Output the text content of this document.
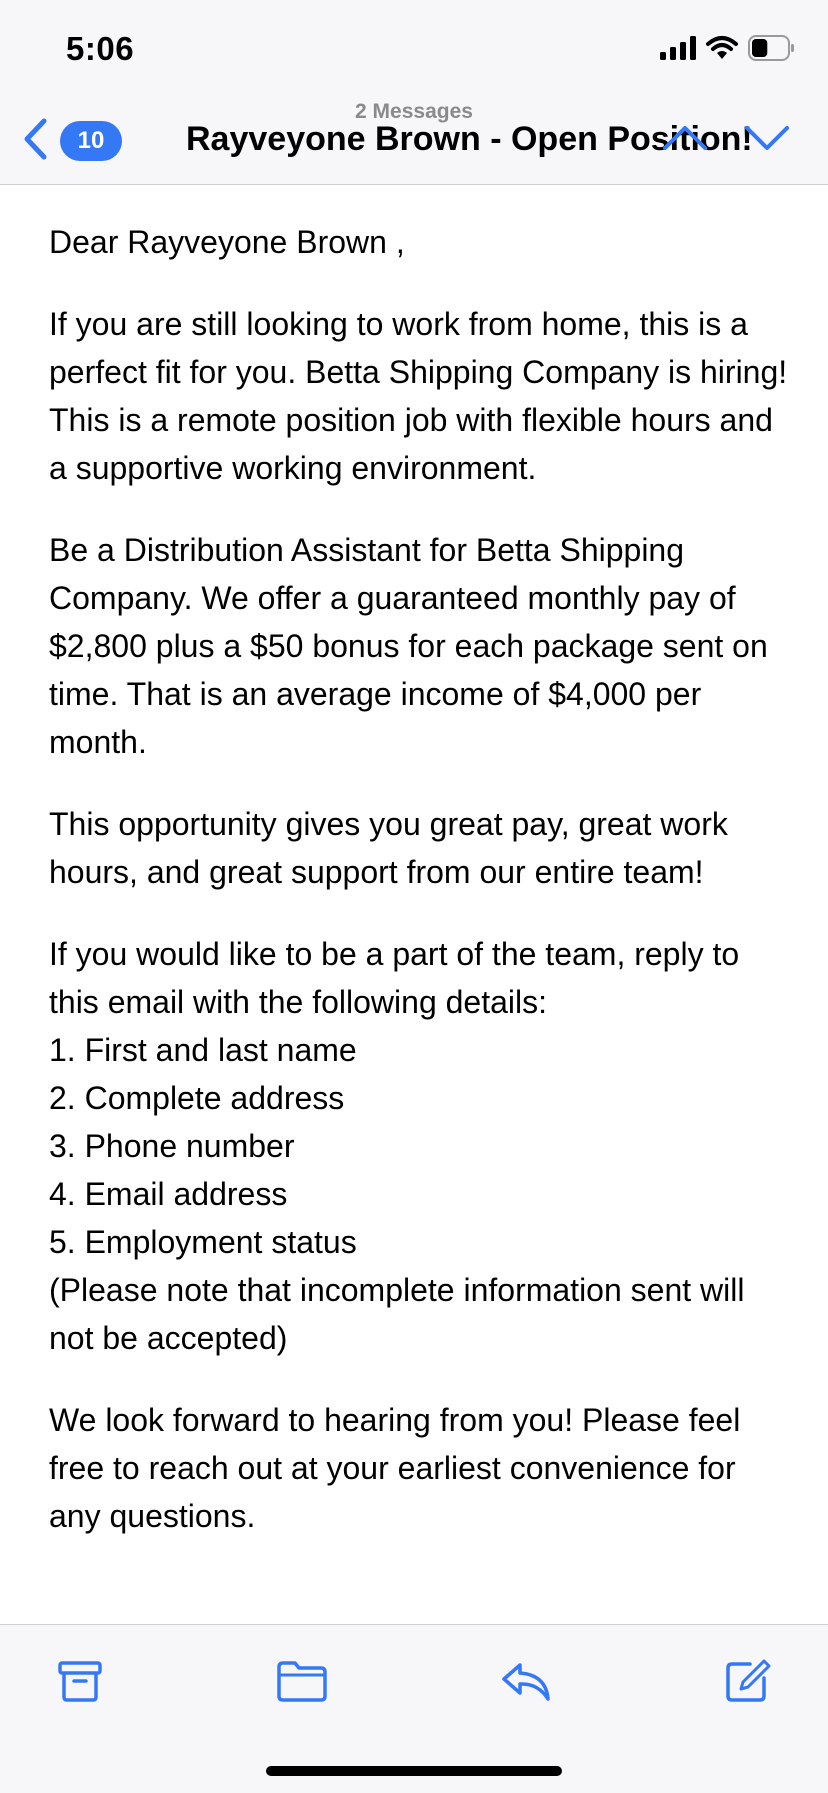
5:06
2 Messages
10	Rayveyone Brown - Open Position!

Dear Rayveyone Brown ,

If you are still looking to work from home, this is a perfect fit for you. Betta Shipping Company is hiring! This is a remote position job with flexible hours and a supportive working environment.

Be a Distribution Assistant for Betta Shipping Company. We offer a guaranteed monthly pay of $2,800 plus a $50 bonus for each package sent on time. That is an average income of $4,000 per month.

This opportunity gives you great pay, great work hours, and great support from our entire team!

If you would like to be a part of the team, reply to this email with the following details:
1. First and last name
2. Complete address
3. Phone number
4. Email address
5. Employment status
(Please note that incomplete information sent will not be accepted)

We look forward to hearing from you! Please feel free to reach out at your earliest convenience for any questions.
